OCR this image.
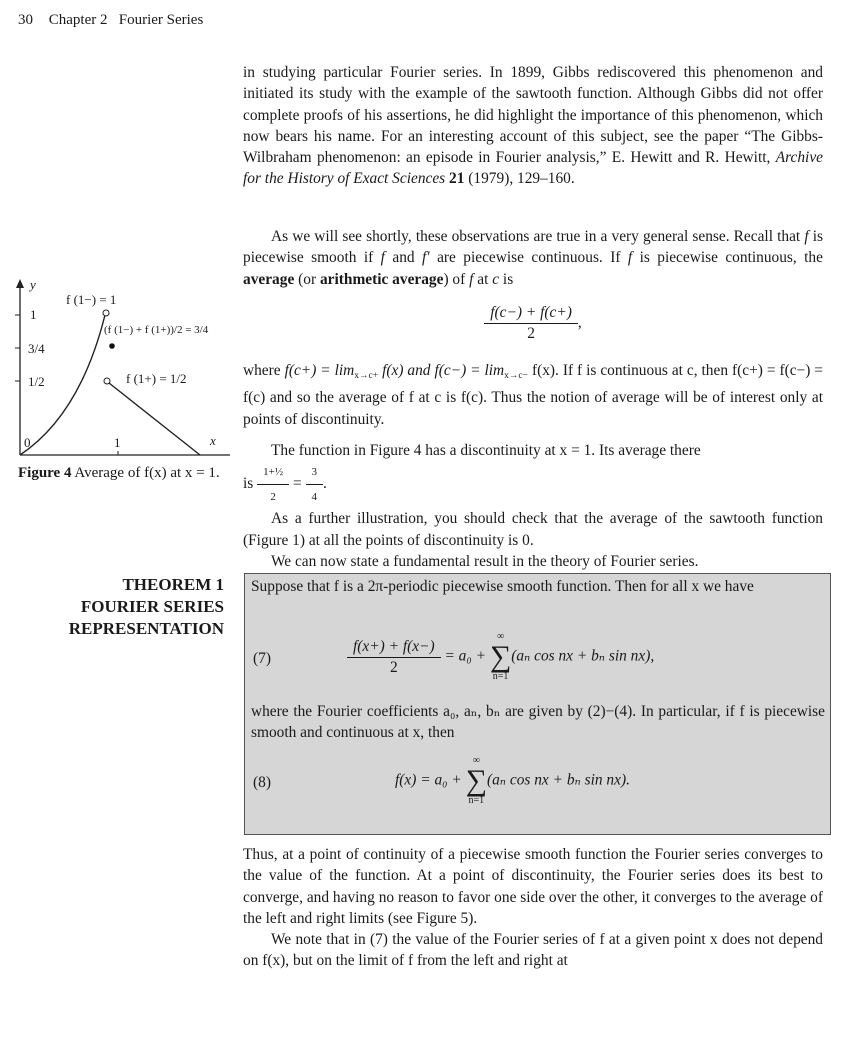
30 Chapter 2 Fourier Series

in studying particular Fourier series. In 1899, Gibbs rediscovered this phenomenon and initiated its study with the example of the sawtooth function. Although Gibbs did not offer complete proofs of his assertions, he did highlight the importance of this phenomenon, which now bears his name. For an interesting account of this subject, see the paper “The Gibbs-Wilbraham phenomenon: an episode in Fourier analysis,” E. Hewitt and R. Hewitt, Archive for the History of Exact Sciences 21 (1979), 129–160.

As we will see shortly, these observations are true in a very general sense. Recall that f is piecewise smooth if f and f′ are piecewise continuous. If f is piecewise continuous, the average (or arithmetic average) of f at c is

$\frac{f(c-) + f(c+)}{2}$ ,

where $f(c+) = \lim_{x\to c+} f(x)$ and $f(c-) = \lim_{x\to c-} f(x)$. If f is continuous at c, then f(c+) = f(c−) = f(c) and so the average of f at c is f(c). Thus the notion of average will be of interest only at points of discontinuity.

The function in Figure 4 has a discontinuity at x = 1. Its average there

is $\frac{\text{1+½}}{2} = \frac{3}{4}$ .

As a further illustration, you should check that the average of the sawtooth function (Figure 1) at all the points of discontinuity is 0.

We can now state a fundamental result in the theory of Fourier series.

y
x
1
3/4
1/2
0	1
f (1−) = 1
(f (1−) + f (1+))/2 = 3/4
f (1+) = 1/2
Figure 4 Average of f(x) at x = 1.
THEOREM 1
FOURIER SERIES
REPRESENTATION
Suppose that f is a 2π-periodic piecewise smooth function. Then for all x we have
(7)	$\frac{f(x+) + f(x-)}{2} = a_0$ +
∞
∑
n=1
(aₙ cos nx + bₙ sin nx),
where the Fourier coefficients a₀, aₙ, bₙ are given by (2)−(4). In particular, if f is piecewise smooth and continuous at x, then
(8)	f(x) = a₀ +
∞
∑
n=1
(aₙ cos nx + bₙ sin nx).

Thus, at a point of continuity of a piecewise smooth function the Fourier series converges to the value of the function. At a point of discontinuity, the Fourier series does its best to converge, and having no reason to favor one side over the other, it converges to the average of the left and right limits (see Figure 5).

We note that in (7) the value of the Fourier series of f at a given point x does not depend on f(x), but on the limit of f from the left and right at
